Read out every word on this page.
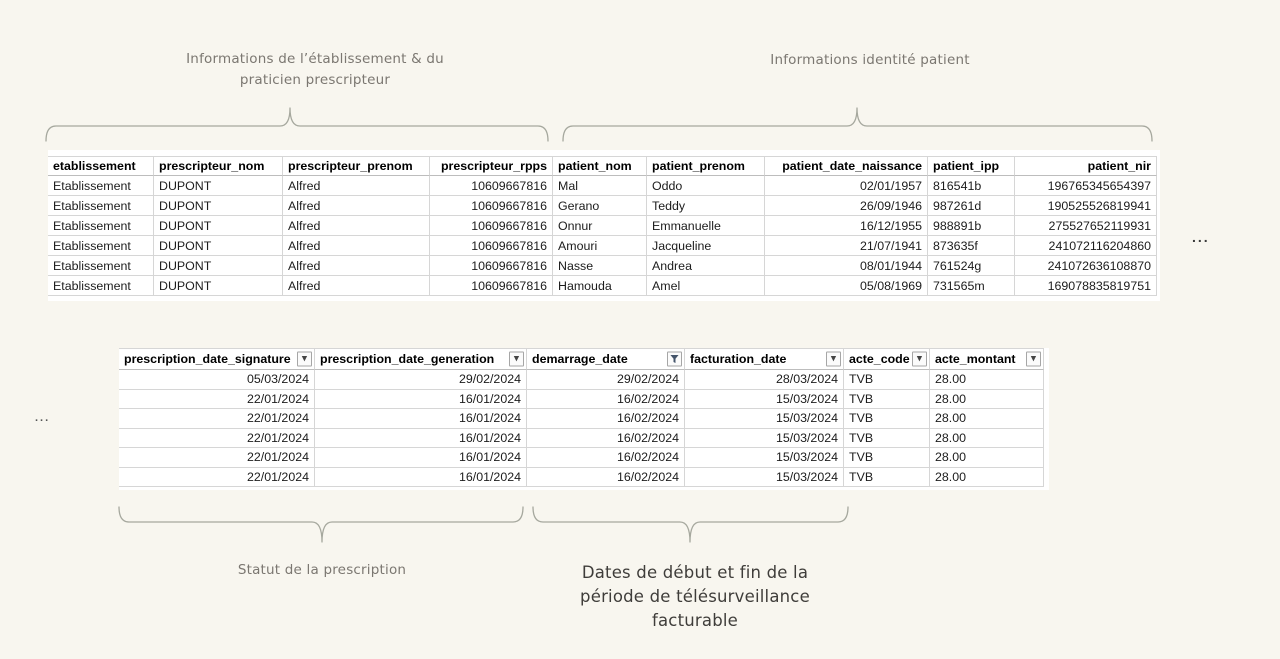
Informations de l’établissement & du
praticien prescripteur
Informations identité patient
Statut de la prescription	Dates de début et fin de la
période de télésurveillance
facturable
...
...
etablissement prescripteur_nom prescripteur_prenom prescripteur_rpps patient_nom patient_prenom	patient_date_naissance patient_ipp	patient_nir
Etablissement	DUPONT	Alfred	10609667816 Mal	Oddo	02/01/1957 816541b	196765345654397
Etablissement	DUPONT	Alfred	10609667816 Gerano	Teddy	26/09/1946 987261d	190525526819941
Etablissement	DUPONT	Alfred	10609667816 Onnur	Emmanuelle	16/12/1955 988891b	275527652119931
Etablissement	DUPONT	Alfred	10609667816 Amouri	Jacqueline	21/07/1941 873635f	241072116204860
Etablissement	DUPONT	Alfred	10609667816 Nasse	Andrea	08/01/1944 761524g	241072636108870
Etablissement	DUPONT	Alfred	10609667816 Hamouda	Amel	05/08/1969 731565m	169078835819751
prescription_date_signature	▼ prescription_date_generation	▼ demarrage_date	facturation_date	▼ acte_code	▼ acte_montant	▼
05/03/2024	29/02/2024	29/02/2024	28/03/2024 TVB	28.00
22/01/2024	16/01/2024	16/02/2024	15/03/2024 TVB	28.00
22/01/2024	16/01/2024	16/02/2024	15/03/2024 TVB	28.00
22/01/2024	16/01/2024	16/02/2024	15/03/2024 TVB	28.00
22/01/2024	16/01/2024	16/02/2024	15/03/2024 TVB	28.00
22/01/2024	16/01/2024	16/02/2024	15/03/2024 TVB	28.00
